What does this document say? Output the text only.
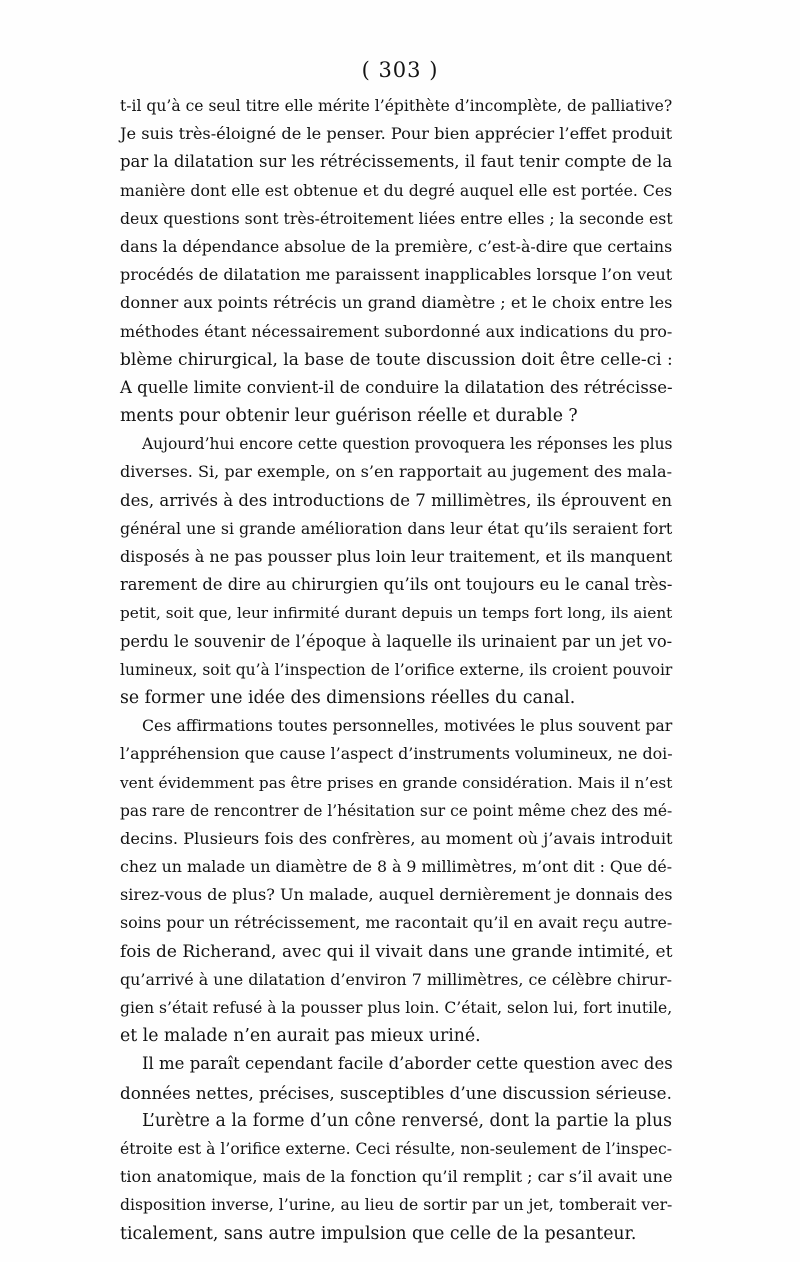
( 303 )
t-il qu’à ce seul titre elle mérite l’épithète d’incomplète, de palliative?
Je suis très-éloigné de le penser. Pour bien apprécier l’effet produit
par la dilatation sur les rétrécissements, il faut tenir compte de la
manière dont elle est obtenue et du degré auquel elle est portée. Ces
deux questions sont très-étroitement liées entre elles ; la seconde est
dans la dépendance absolue de la première, c’est-à-dire que certains
procédés de dilatation me paraissent inapplicables lorsque l’on veut
donner aux points rétrécis un grand diamètre ; et le choix entre les
méthodes étant nécessairement subordonné aux indications du pro-
blème chirurgical, la base de toute discussion doit être celle-ci :
A quelle limite convient-il de conduire la dilatation des rétrécisse-
ments pour obtenir leur guérison réelle et durable ?
Aujourd’hui encore cette question provoquera les réponses les plus
diverses. Si, par exemple, on s’en rapportait au jugement des mala-
des, arrivés à des introductions de 7 millimètres, ils éprouvent en
général une si grande amélioration dans leur état qu’ils seraient fort
disposés à ne pas pousser plus loin leur traitement, et ils manquent
rarement de dire au chirurgien qu’ils ont toujours eu le canal très-
petit, soit que, leur infirmité durant depuis un temps fort long, ils aient
perdu le souvenir de l’époque à laquelle ils urinaient par un jet vo-
lumineux, soit qu’à l’inspection de l’orifice externe, ils croient pouvoir
se former une idée des dimensions réelles du canal.
Ces affirmations toutes personnelles, motivées le plus souvent par
l’appréhension que cause l’aspect d’instruments volumineux, ne doi-
vent évidemment pas être prises en grande considération. Mais il n’est
pas rare de rencontrer de l’hésitation sur ce point même chez des mé-
decins. Plusieurs fois des confrères, au moment où j’avais introduit
chez un malade un diamètre de 8 à 9 millimètres, m’ont dit : Que dé-
sirez-vous de plus? Un malade, auquel dernièrement je donnais des
soins pour un rétrécissement, me racontait qu’il en avait reçu autre-
fois de Richerand, avec qui il vivait dans une grande intimité, et
qu’arrivé à une dilatation d’environ 7 millimètres, ce célèbre chirur-
gien s’était refusé à la pousser plus loin. C’était, selon lui, fort inutile,
et le malade n’en aurait pas mieux uriné.
Il me paraît cependant facile d’aborder cette question avec des
données nettes, précises, susceptibles d’une discussion sérieuse.
L’urètre a la forme d’un cône renversé, dont la partie la plus
étroite est à l’orifice externe. Ceci résulte, non-seulement de l’inspec-
tion anatomique, mais de la fonction qu’il remplit ; car s’il avait une
disposition inverse, l’urine, au lieu de sortir par un jet, tomberait ver-
ticalement, sans autre impulsion que celle de la pesanteur.
